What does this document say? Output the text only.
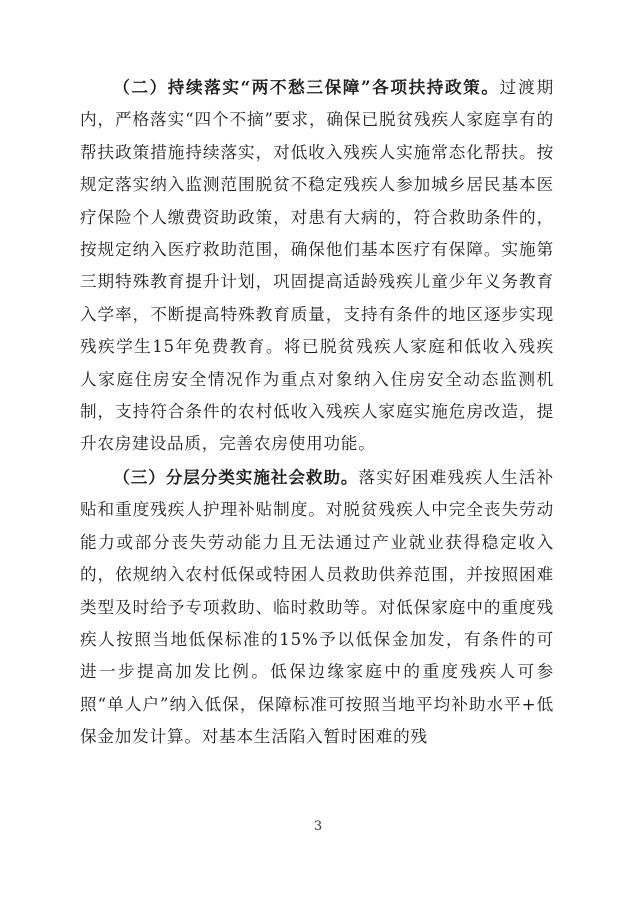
（二）持续落实“两不愁三保障”各项扶持政策。过渡期内，严格落实“四个不摘”要求，确保已脱贫残疾人家庭享有的帮扶政策措施持续落实，对低收入残疾人实施常态化帮扶。按规定落实纳入监测范围脱贫不稳定残疾人参加城乡居民基本医疗保险个人缴费资助政策，对患有大病的，符合救助条件的，按规定纳入医疗救助范围，确保他们基本医疗有保障。实施第三期特殊教育提升计划，巩固提高适龄残疾儿童少年义务教育入学率，不断提高特殊教育质量，支持有条件的地区逐步实现残疾学生15年免费教育。将已脱贫残疾人家庭和低收入残疾人家庭住房安全情况作为重点对象纳入住房安全动态监测机制，支持符合条件的农村低收入残疾人家庭实施危房改造，提升农房建设品质，完善农房使用功能。

（三）分层分类实施社会救助。落实好困难残疾人生活补贴和重度残疾人护理补贴制度。对脱贫残疾人中完全丧失劳动能力或部分丧失劳动能力且无法通过产业就业获得稳定收入的，依规纳入农村低保或特困人员救助供养范围，并按照困难类型及时给予专项救助、临时救助等。对低保家庭中的重度残疾人按照当地低保标准的15%予以低保金加发，有条件的可进一步提高加发比例。低保边缘家庭中的重度残疾人可参照“单人户”纳入低保，保障标准可按照当地平均补助水平+低保金加发计算。对基本生活陷入暂时困难的残

3
